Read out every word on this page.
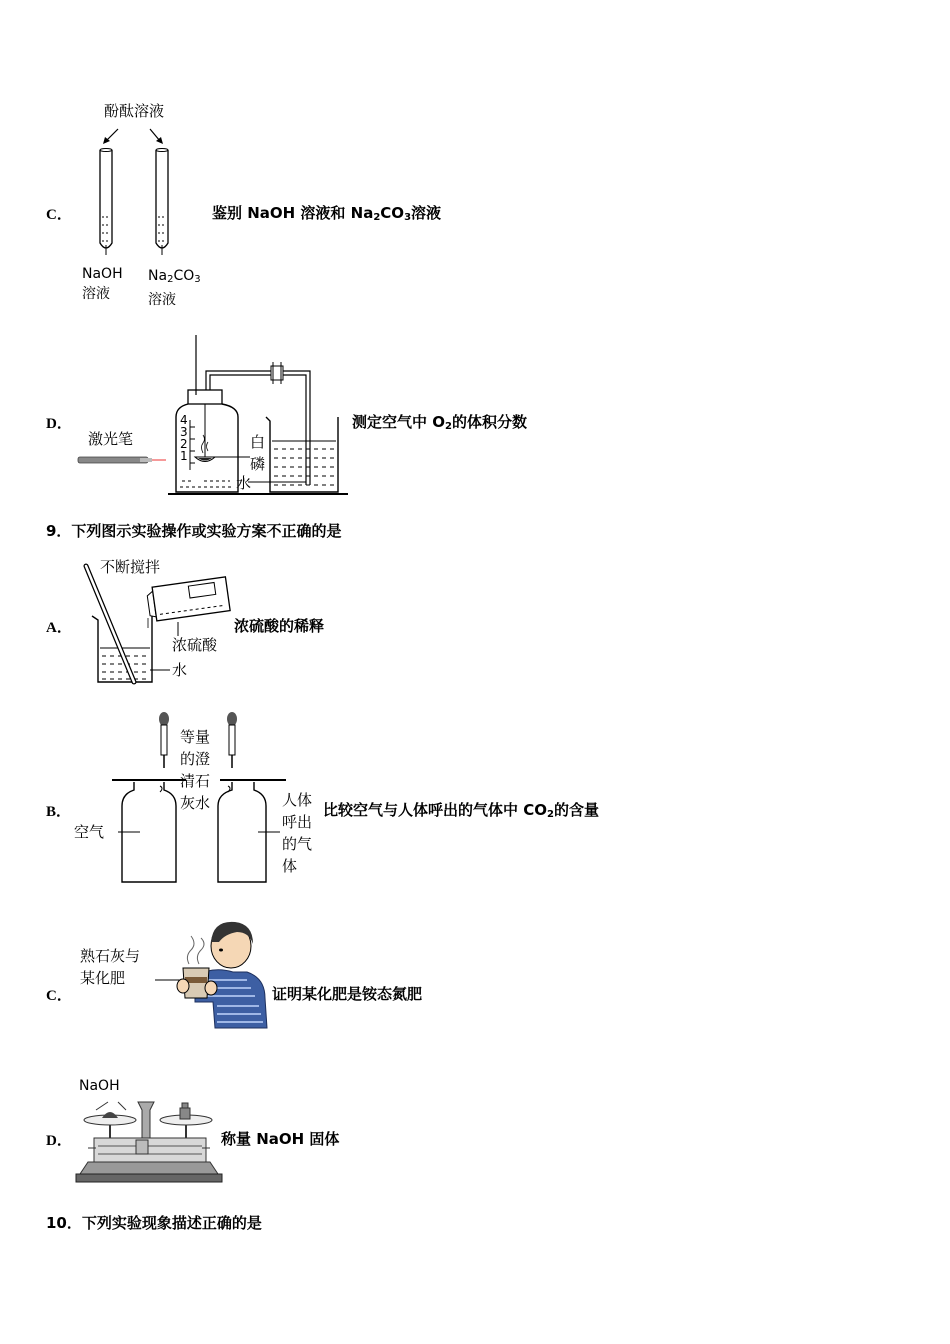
C．
酚酞溶液
NaOH
溶液
$Na_2CO_3$
溶液
鉴别 NaOH 溶液和 $Na_2CO_3$溶液
D．
激光笔
4
3
2
1
白
磷
水
测定空气中 $O_2$的体积分数
9．下列图示实验操作或实验方案不正确的是
A．
不断搅拌
浓硫酸
水
浓硫酸的稀释
B．
等量
的澄
清石
灰水
空气
人体
呼出
的气
体
比较空气与人体呼出的气体中 $CO_2$的含量
C．
熟石灰与
某化肥
证明某化肥是铵态氮肥
D．
NaOH
称量 NaOH 固体
10．下列实验现象描述正确的是
